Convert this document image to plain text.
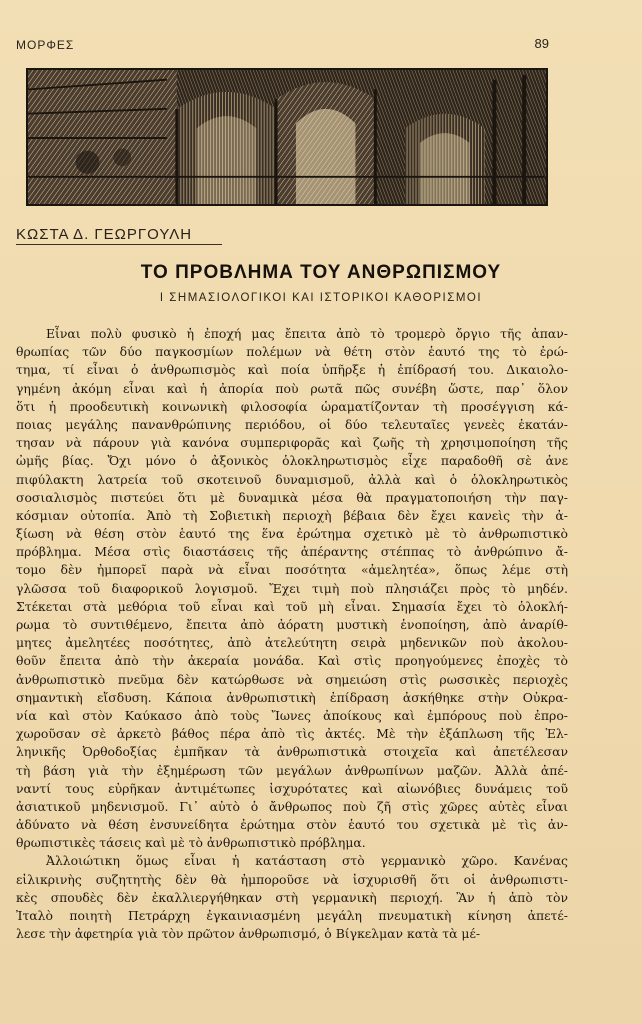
ΜΟΡΦΕΣ	89
ΚΩΣΤΑ Δ. ΓΕΩΡΓΟΥΛΗ
ΤΟ ΠΡΟΒΛΗΜΑ ΤΟΥ ΑΝΘΡΩΠΙΣΜΟΥ
Ι ΣΗΜΑΣΙΟΛΟΓΙΚΟΙ ΚΑΙ ΙΣΤΟΡΙΚΟΙ ΚΑΘΟΡΙΣΜΟΙ
Εἶναι πολὺ φυσικὸ ἡ ἐποχή μας ἔπειτα ἀπὸ τὸ τρομερὸ ὄργιο τῆς ἀπαν-
θρωπίας τῶν δύο παγκοσμίων πολέμων νὰ θέτη στὸν ἑαυτό της τὸ ἐρώ-
τημα, τί εἶναι ὁ ἀνθρωπισμὸς καὶ ποία ὑπῆρξε ἡ ἐπίδρασή του. Δικαιολο-
γημένη ἀκόμη εἶναι καὶ ἡ ἀπορία ποὺ ρωτᾶ πῶς συνέβη ὥστε, παρ᾿ ὅλον
ὅτι ἡ προοδευτικὴ κοινωνικὴ φιλοσοφία ὡραματίζονταν τὴ προσέγγιση κά-
ποιας μεγάλης πανανθρώπινης περιόδου, οἱ δύο τελευταῖες γενεὲς ἐκατάν-
τησαν νὰ πάρουν γιὰ κανόνα συμπεριφορᾶς καὶ ζωῆς τὴ χρησιμοποίηση τῆς
ὠμῆς βίας. Ὄχι μόνο ὁ ἀξονικὸς ὁλοκληρωτισμὸς εἶχε παραδοθῆ σὲ ἀνε
πιφύλακτη λατρεία τοῦ σκοτεινοῦ δυναμισμοῦ, ἀλλὰ καὶ ὁ ὁλοκληρωτικὸς
σοσιαλισμὸς πιστεύει ὅτι μὲ δυναμικὰ μέσα θὰ πραγματοποιήση τὴν παγ-
κόσμιαν οὐτοπία. Ἀπὸ τὴ Σοβιετικὴ περιοχὴ βέβαια δὲν ἔχει κανεὶς τὴν ἀ-
ξίωση νὰ θέση στὸν ἑαυτό της ἕνα ἐρώτημα σχετικὸ μὲ τὸ ἀνθρωπιστικὸ
πρόβλημα. Μέσα στὶς διαστάσεις τῆς ἀπέραντης στέππας τὸ ἀνθρώπινο ἄ-
τομο δὲν ἠμπορεῖ παρὰ νὰ εἶναι ποσότητα «ἀμελητέα», ὅπως λέμε στὴ
γλῶσσα τοῦ διαφορικοῦ λογισμοῦ. Ἔχει τιμὴ ποὺ πλησιάζει πρὸς τὸ μηδέν.
Στέκεται στὰ μεθόρια τοῦ εἶναι καὶ τοῦ μὴ εἶναι. Σημασία ἔχει τὸ ὁλοκλή-
ρωμα τὸ συντιθέμενο, ἔπειτα ἀπὸ ἀόρατη μυστικὴ ἑνοποίηση, ἀπὸ ἀναρίθ-
μητες ἀμελητέες ποσότητες, ἀπὸ ἀτελεύτητη σειρὰ μηδενικῶν ποὺ ἀκολου-
θοῦν ἔπειτα ἀπὸ τὴν ἀκεραία μονάδα. Καὶ στὶς προηγούμενες ἐποχὲς τὸ
ἀνθρωπιστικὸ πνεῦμα δὲν κατώρθωσε νὰ σημειώση στὶς ρωσσικὲς περιοχὲς
σημαντικὴ εἴσδυση. Κάποια ἀνθρωπιστικὴ ἐπίδραση ἀσκήθηκε στὴν Οὐκρα-
νία καὶ στὸν Καύκασο ἀπὸ τοὺς Ἴωνες ἀποίκους καὶ ἐμπόρους ποὺ ἐπρο-
χωροῦσαν σὲ ἀρκετὸ βάθος πέρα ἀπὸ τὶς ἀκτές. Μὲ τὴν ἐξάπλωση τῆς Ἑλ-
ληνικῆς Ὀρθοδοξίας ἐμπῆκαν τὰ ἀνθρωπιστικὰ στοιχεῖα καὶ ἀπετέλεσαν
τὴ βάση γιὰ τὴν ἐξημέρωση τῶν μεγάλων ἀνθρωπίνων μαζῶν. Ἀλλὰ ἀπέ-
ναντί τους εὐρῆκαν ἀντιμέτωπες ἰσχυρότατες καὶ αἰωνόβιες δυνάμεις τοῦ
ἀσιατικοῦ μηδενισμοῦ. Γι᾿ αὐτὸ ὁ ἄνθρωπος ποὺ ζῆ στὶς χῶρες αὐτὲς εἶναι
ἀδύνατο νὰ θέση ἐνσυνείδητα ἐρώτημα στὸν ἑαυτό του σχετικὰ μὲ τὶς ἀν-
θρωπιστικὲς τάσεις καὶ μὲ τὸ ἀνθρωπιστικὸ πρόβλημα.
Ἀλλοιώτικη ὅμως εἶναι ἡ κατάσταση στὸ γερμανικὸ χῶρο. Κανένας
εἰλικρινὴς συζητητὴς δὲν θὰ ἠμποροῦσε νὰ ἰσχυρισθῆ ὅτι οἱ ἀνθρωπιστι-
κὲς σπουδὲς δὲν ἐκαλλιεργήθηκαν στὴ γερμανικὴ περιοχή. Ἂν ἡ ἀπὸ τὸν
Ἰταλὸ ποιητὴ Πετράρχη ἐγκαινιασμένη μεγάλη πνευματικὴ κίνηση ἀπετέ-
λεσε τὴν ἀφετηρία γιὰ τὸν πρῶτον ἀνθρωπισμό, ὁ Βίγκελμαν κατὰ τὰ μέ-
